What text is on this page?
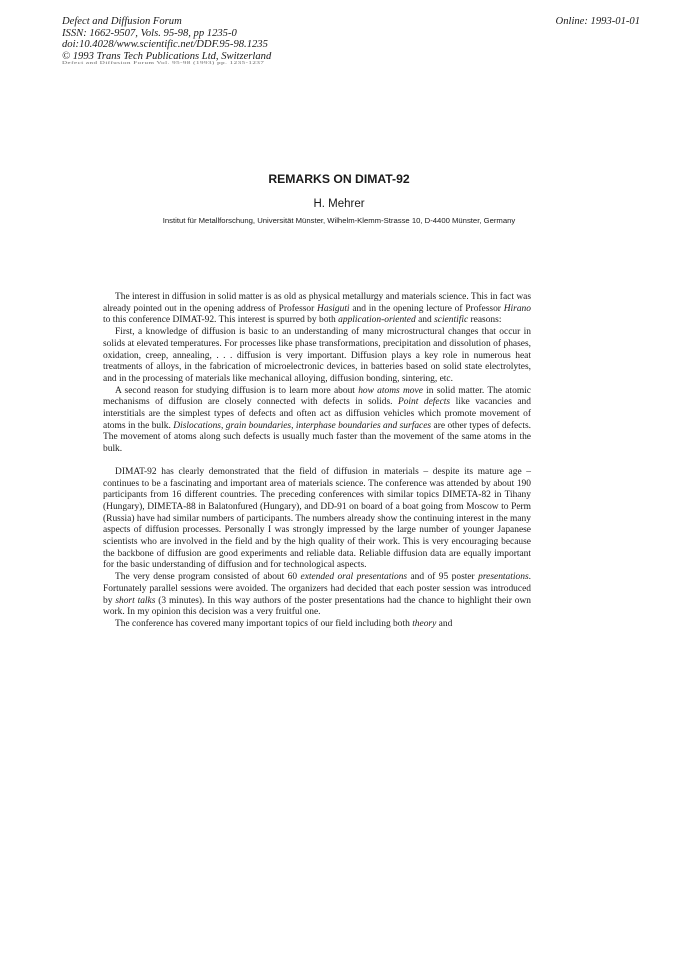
Defect and Diffusion Forum
ISSN: 1662-9507, Vols. 95-98, pp 1235-0
doi:10.4028/www.scientific.net/DDF.95-98.1235
© 1993 Trans Tech Publications Ltd, Switzerland
Defect and Diffusion Forum Vol. 95-98 (1993) pp. 1235-1237
Online: 1993-01-01
REMARKS ON DIMAT-92
H. Mehrer
Institut für Metallforschung, Universität Münster, Wilhelm-Klemm-Strasse 10, D-4400 Münster, Germany

The interest in diffusion in solid matter is as old as physical metallurgy and materials science. This in fact was already pointed out in the opening address of Professor Hasiguti and in the opening lecture of Professor Hirano to this conference DIMAT-92. This interest is spurred by both application-oriented and scientific reasons:

First, a knowledge of diffusion is basic to an understanding of many microstructural changes that occur in solids at elevated temperatures. For processes like phase transformations, precipitation and dissolution of phases, oxidation, creep, annealing, . . . diffusion is very important. Diffusion plays a key role in numerous heat treatments of alloys, in the fabrication of microelectronic devices, in batteries based on solid state electrolytes, and in the processing of materials like mechanical alloying, diffusion bonding, sintering, etc.

A second reason for studying diffusion is to learn more about how atoms move in solid matter. The atomic mechanisms of diffusion are closely connected with defects in solids. Point defects like vacancies and interstitials are the simplest types of defects and often act as diffusion vehicles which promote movement of atoms in the bulk. Dislocations, grain boundaries, interphase boundaries and surfaces are other types of defects. The movement of atoms along such defects is usually much faster than the movement of the same atoms in the bulk.

DIMAT-92 has clearly demonstrated that the field of diffusion in materials – despite its mature age – continues to be a fascinating and important area of materials science. The conference was attended by about 190 participants from 16 different countries. The preceding conferences with similar topics DIMETA-82 in Tihany (Hungary), DIMETA-88 in Balatonfured (Hungary), and DD-91 on board of a boat going from Moscow to Perm (Russia) have had similar numbers of participants. The numbers already show the continuing interest in the many aspects of diffusion processes. Personally I was strongly impressed by the large number of younger Japanese scientists who are involved in the field and by the high quality of their work. This is very encouraging because the backbone of diffusion are good experiments and reliable data. Reliable diffusion data are equally important for the basic understanding of diffusion and for technological aspects.

The very dense program consisted of about 60 extended oral presentations and of 95 poster presentations. Fortunately parallel sessions were avoided. The organizers had decided that each poster session was introduced by short talks (3 minutes). In this way authors of the poster presentations had the chance to highlight their own work. In my opinion this decision was a very fruitful one.

The conference has covered many important topics of our field including both theory and
